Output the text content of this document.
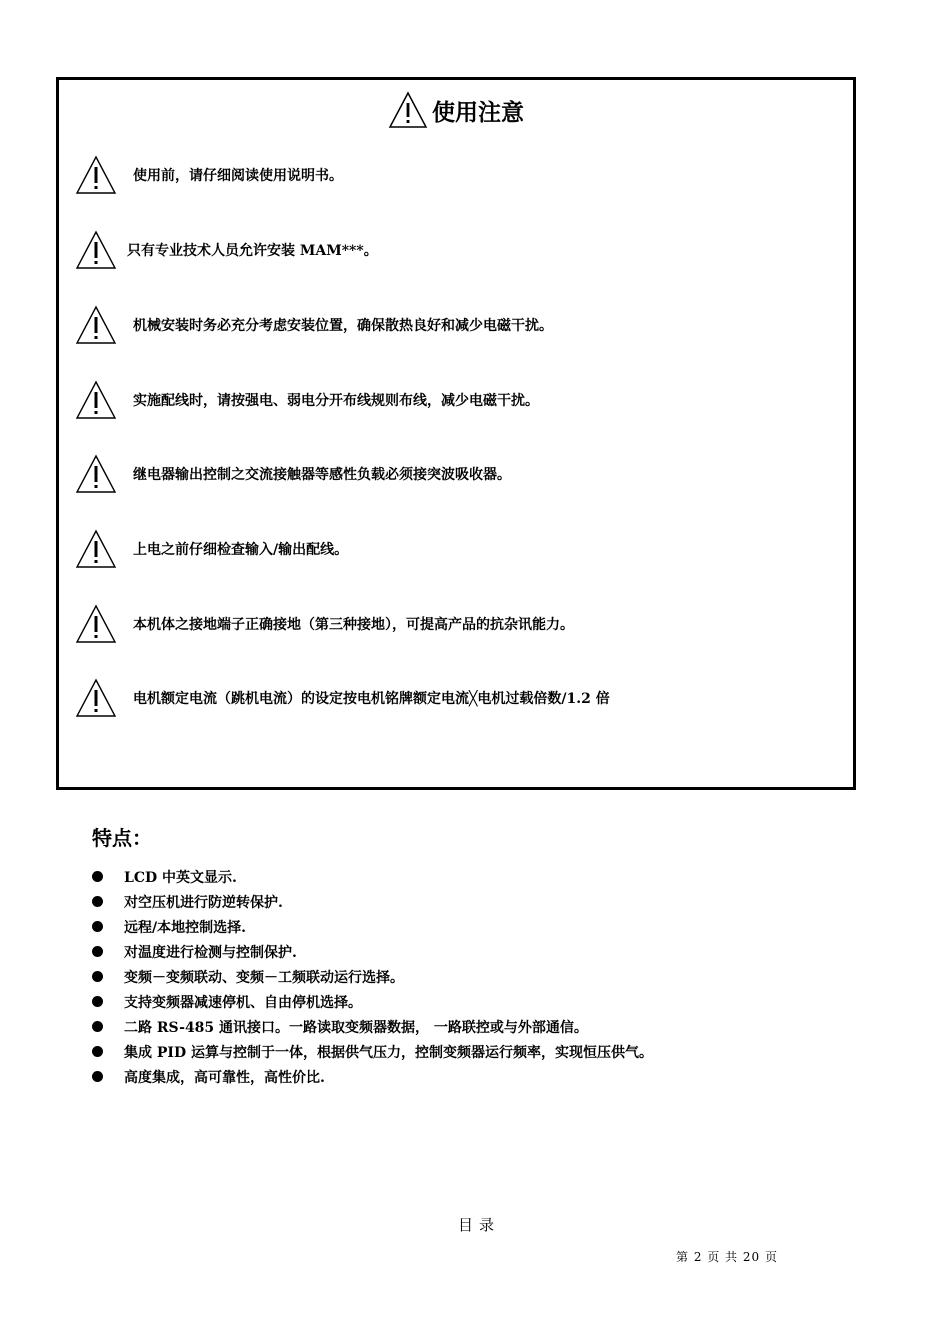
使用注意
使用前，请仔细阅读使用说明书。
只有专业技术人员允许安装 MAM***。
机械安装时务必充分考虑安装位置，确保散热良好和减少电磁干扰。
实施配线时，请按强电、弱电分开布线规则布线，减少电磁干扰。
继电器输出控制之交流接触器等感性负载必须接突波吸收器。
上电之前仔细检查输入/输出配线。
本机体之接地端子正确接地（第三种接地），可提高产品的抗杂讯能力。
电机额定电流（跳机电流）的设定按电机铭牌额定电流╳电机过载倍数/1.2 倍
特点：
LCD 中英文显示.
对空压机进行防逆转保护.
远程/本地控制选择.
对温度进行检测与控制保护.
变频－变频联动、变频－工频联动运行选择。
支持变频器减速停机、自由停机选择。
二路 RS-485 通讯接口。一路读取变频器数据， 一路联控或与外部通信。
集成 PID 运算与控制于一体，根据供气压力，控制变频器运行频率，实现恒压供气。
高度集成，高可靠性，高性价比.
目录
第 2 页 共 20 页
